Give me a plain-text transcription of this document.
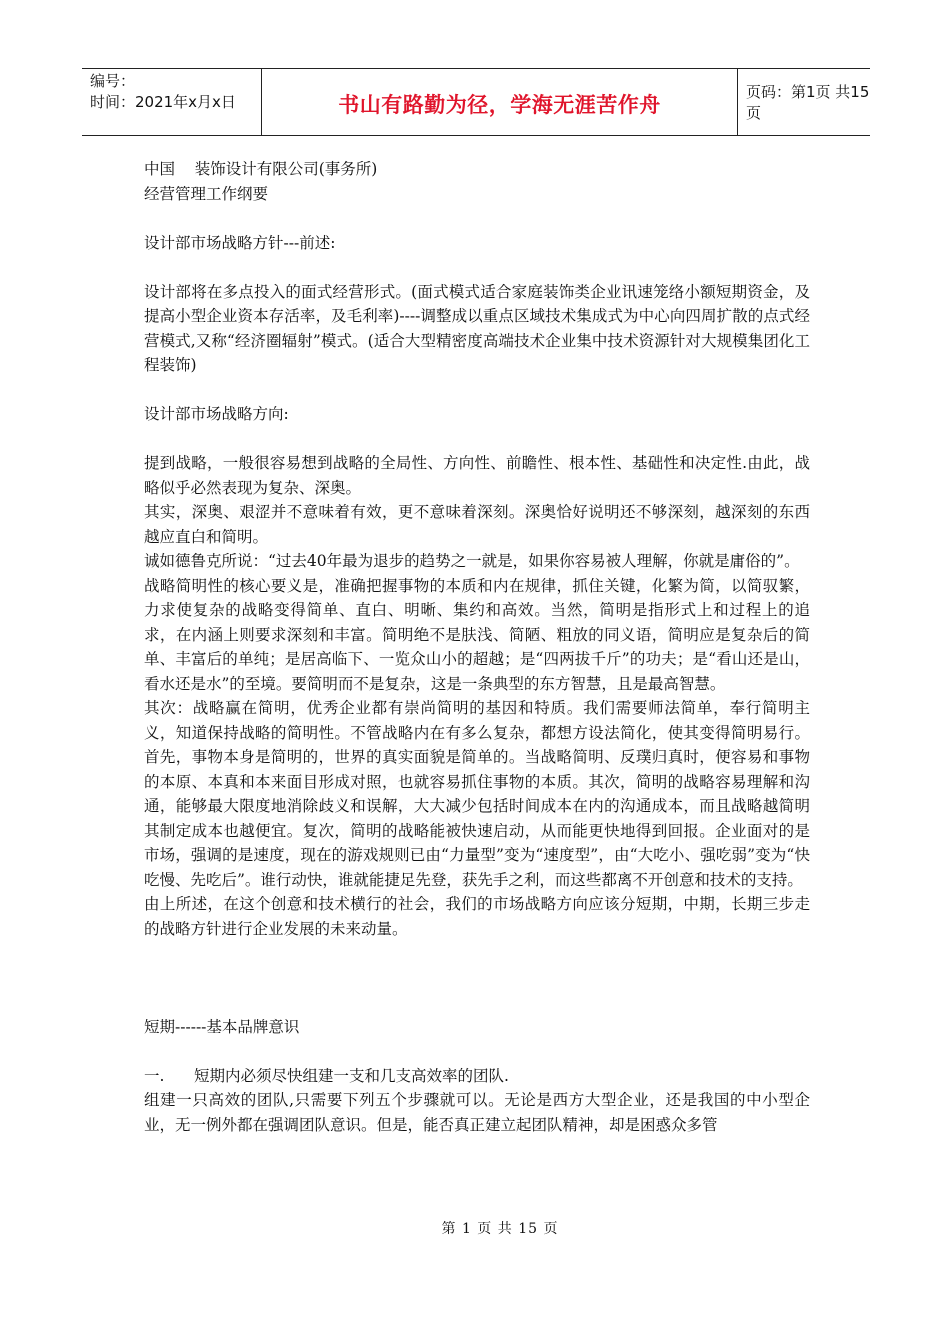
编号：
时间：2021年x月x日	书山有路勤为径，学海无涯苦作舟
页码：第1页 共15页

中国    装饰设计有限公司(事务所)

经营管理工作纲要

设计部市场战略方针---前述:

设计部将在多点投入的面式经营形式。(面式模式适合家庭装饰类企业讯速笼络小额短期资金，及提高小型企业资本存活率，及毛利率)----调整成以重点区域技术集成式为中心向四周扩散的点式经营模式,又称“经济圈辐射”模式。(适合大型精密度高端技术企业集中技术资源针对大规模集团化工程装饰)

设计部市场战略方向:

提到战略，一般很容易想到战略的全局性、方向性、前瞻性、根本性、基础性和决定性.由此，战略似乎必然表现为复杂、深奥。

其实，深奥、艰涩并不意味着有效，更不意味着深刻。深奥恰好说明还不够深刻，越深刻的东西越应直白和简明。

诚如德鲁克所说：“过去40年最为退步的趋势之一就是，如果你容易被人理解，你就是庸俗的”。

战略简明性的核心要义是，准确把握事物的本质和内在规律，抓住关键，化繁为简，以简驭繁，力求使复杂的战略变得简单、直白、明晰、集约和高效。当然，简明是指形式上和过程上的追求，在内涵上则要求深刻和丰富。简明绝不是肤浅、简陋、粗放的同义语，简明应是复杂后的简单、丰富后的单纯；是居高临下、一览众山小的超越；是“四两拔千斤”的功夫；是“看山还是山，看水还是水”的至境。要简明而不是复杂，这是一条典型的东方智慧，且是最高智慧。

其次：战略赢在简明，优秀企业都有崇尚简明的基因和特质。我们需要师法简单，奉行简明主义，知道保持战略的简明性。不管战略内在有多么复杂，都想方设法简化，使其变得简明易行。首先，事物本身是简明的，世界的真实面貌是简单的。当战略简明、反璞归真时，便容易和事物的本原、本真和本来面目形成对照，也就容易抓住事物的本质。其次，简明的战略容易理解和沟通，能够最大限度地消除歧义和误解，大大减少包括时间成本在内的沟通成本，而且战略越简明其制定成本也越便宜。复次，简明的战略能被快速启动，从而能更快地得到回报。企业面对的是市场，强调的是速度，现在的游戏规则已由“力量型”变为“速度型”，由“大吃小、强吃弱”变为“快吃慢、先吃后”。谁行动快，谁就能捷足先登，获先手之利，而这些都离不开创意和技术的支持。

由上所述，在这个创意和技术横行的社会，我们的市场战略方向应该分短期，中期，长期三步走的战略方针进行企业发展的未来动量。

短期------基本品牌意识

一.      短期内必须尽快组建一支和几支高效率的团队.

组建一只高效的团队,只需要下列五个步骤就可以。无论是西方大型企业，还是我国的中小型企业，无一例外都在强调团队意识。但是，能否真正建立起团队精神，却是困惑众多管

第 1 页 共 15 页
